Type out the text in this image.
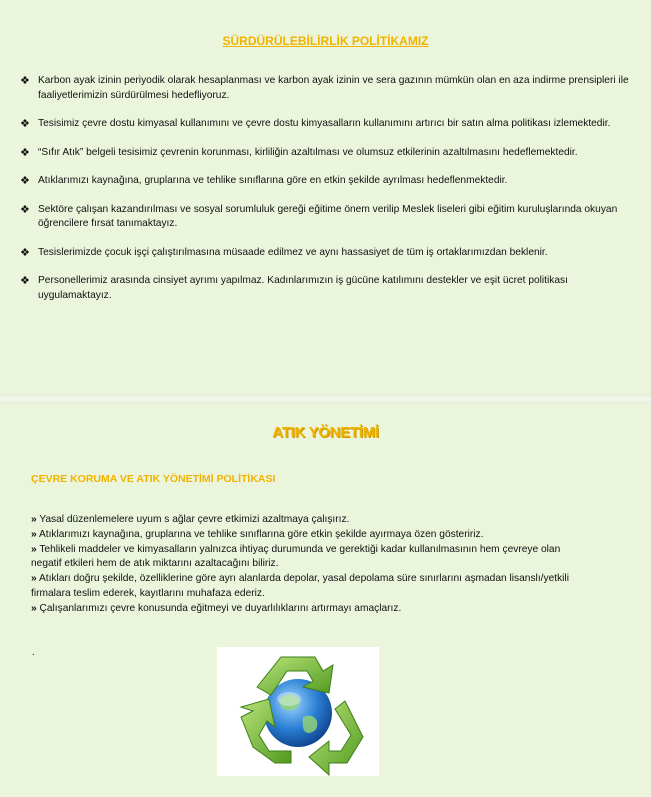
SÜRDÜRÜLEBİLİRLİK POLİTİKAMIZ
❖ Karbon ayak izinin periyodik olarak hesaplanması ve karbon ayak izinin ve sera gazının mümkün olan en aza indirme prensipleri ile faaliyetlerimizin sürdürülmesi hedefliyoruz.
❖ Tesisimiz çevre dostu kimyasal kullanımını ve çevre dostu kimyasalların kullanımını artırıcı bir satın alma politikası izlemektedir.
❖ “Sıfır Atık” belgeli tesisimiz çevrenin korunması, kirliliğin azaltılması ve olumsuz etkilerinin azaltılmasını hedeflemektedir.
❖ Atıklarımızı kaynağına, gruplarına ve tehlike sınıflarına göre en etkin şekilde ayrılması hedeflenmektedir.
❖ Sektöre çalışan kazandırılması ve sosyal sorumluluk gereği eğitime önem verilip Meslek liseleri gibi eğitim kuruluşlarında okuyan öğrencilere fırsat tanımaktayız.
❖ Tesislerimizde çocuk işçi çalıştırılmasına müsaade edilmez ve aynı hassasiyet de tüm iş ortaklarımızdan beklenir.
❖ Personellerimiz arasında cinsiyet ayrımı yapılmaz. Kadınlarımızın iş gücüne katılımını destekler ve eşit ücret politikası uygulamaktayız.
ATIK YÖNETİMİ
ÇEVRE KORUMA VE ATIK YÖNETİMİ POLİTİKASI
» Yasal düzenlemelere uyum s ağlar çevre etkimizi azaltmaya çalışırız.
» Atıklarımızı kaynağına, gruplarına ve tehlike sınıflarına göre etkin şekilde ayırmaya özen gösteririz.
» Tehlikeli maddeler ve kimyasalların yalnızca ihtiyaç durumunda ve gerektiği kadar kullanılmasının hem çevreye olan negatif etkileri hem de atık miktarını azaltacağını biliriz.
» Atıkları doğru şekilde, özelliklerine göre ayrı alanlarda depolar, yasal depolama süre sınırlarını aşmadan lisanslı/yetkili firmalara teslim ederek, kayıtlarını muhafaza ederiz.
» Çalışanlarımızı çevre konusunda eğitmeyi ve duyarlılıklarını artırmayı amaçlarız.
.
